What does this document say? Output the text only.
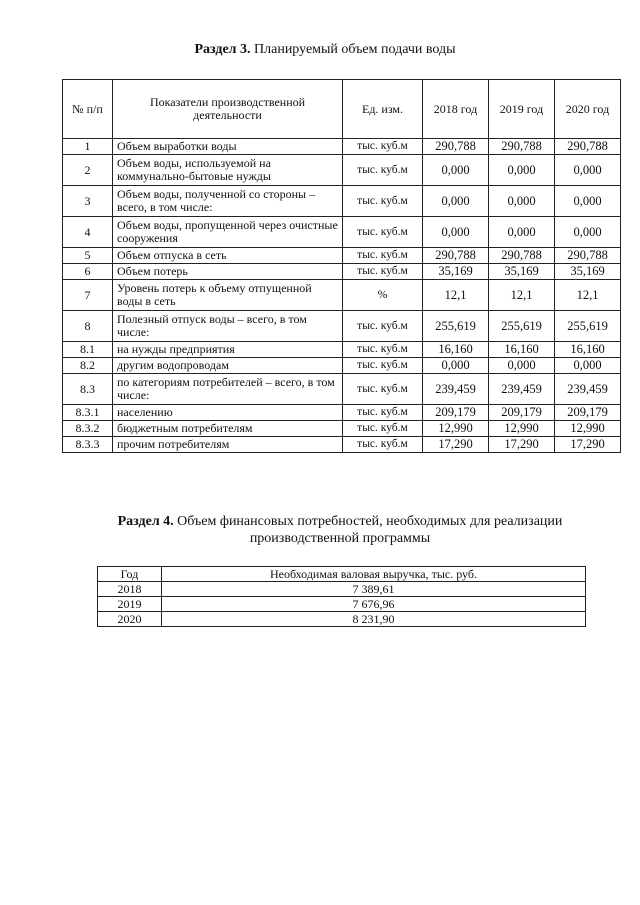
Раздел 3. Планируемый объем подачи воды
№ п/п	Показатели производственной деятельности	Ед. изм.	2018 год	2019 год	2020 год
1	Объем выработки воды	тыс. куб.м	290,788	290,788	290,788
2	Объем воды, используемой на коммунально-бытовые нужды	тыс. куб.м	0,000	0,000	0,000
3	Объем воды, полученной со стороны – всего, в том числе:	тыс. куб.м	0,000	0,000	0,000
4	Объем воды, пропущенной через очистные сооружения	тыс. куб.м	0,000	0,000	0,000
5	Объем отпуска в сеть	тыс. куб.м	290,788	290,788	290,788
6	Объем потерь	тыс. куб.м	35,169	35,169	35,169
7	Уровень потерь к объему отпущенной воды в сеть	%	12,1	12,1	12,1
8	Полезный отпуск воды – всего, в том числе:	тыс. куб.м	255,619	255,619	255,619
8.1	на нужды предприятия	тыс. куб.м	16,160	16,160	16,160
8.2	другим водопроводам	тыс. куб.м	0,000	0,000	0,000
8.3	по категориям потребителей – всего, в том числе:	тыс. куб.м	239,459	239,459	239,459
8.3.1	населению	тыс. куб.м	209,179	209,179	209,179
8.3.2	бюджетным потребителям	тыс. куб.м	12,990	12,990	12,990
8.3.3	прочим потребителям	тыс. куб.м	17,290	17,290	17,290
Раздел 4. Объем финансовых потребностей, необходимых для реализации производственной программы
Год	Необходимая валовая выручка, тыс. руб.
2018	7 389,61
2019	7 676,96
2020	8 231,90
